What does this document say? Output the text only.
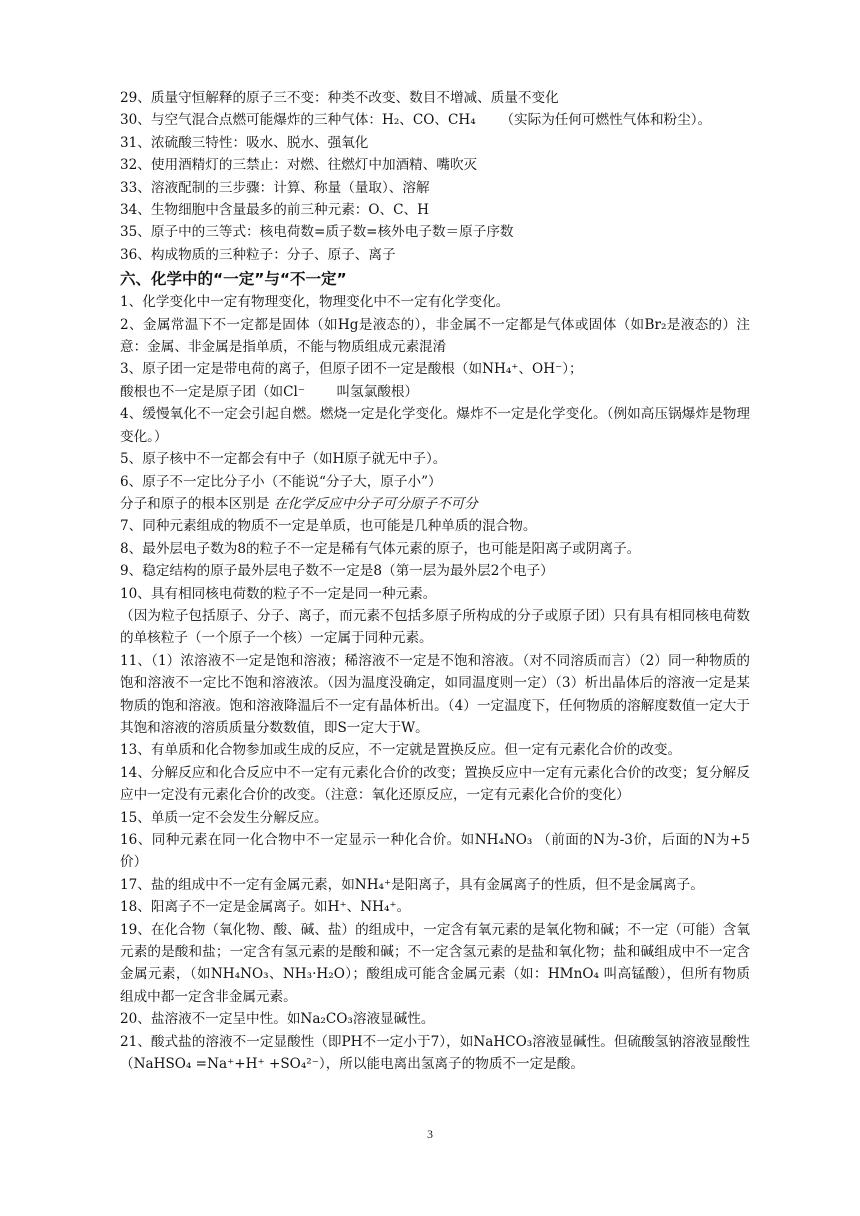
29、质量守恒解释的原子三不变：种类不改变、数目不增减、质量不变化
30、与空气混合点燃可能爆炸的三种气体：H₂、CO、CH₄ 　　（实际为任何可燃性气体和粉尘）。
31、浓硫酸三特性：吸水、脱水、强氧化
32、使用酒精灯的三禁止：对燃、往燃灯中加酒精、嘴吹灭
33、溶液配制的三步骤：计算、称量（量取）、溶解
34、生物细胞中含量最多的前三种元素：O、C、H
35、原子中的三等式：核电荷数=质子数=核外电子数＝原子序数
36、构成物质的三种粒子：分子、原子、离子
六、化学中的“一定”与“不一定”
1、化学变化中一定有物理变化，物理变化中不一定有化学变化。
2、金属常温下不一定都是固体（如Hg是液态的），非金属不一定都是气体或固体（如Br₂是液态的）注意：金属、非金属是指单质，不能与物质组成元素混淆
3、原子团一定是带电荷的离子，但原子团不一定是酸根（如NH₄⁺、OH⁻）；
酸根也不一定是原子团（如Cl⁻ 　　叫氢氯酸根）
4、缓慢氧化不一定会引起自燃。燃烧一定是化学变化。爆炸不一定是化学变化。（例如高压锅爆炸是物理变化。）
5、原子核中不一定都会有中子（如H原子就无中子）。
6、原子不一定比分子小（不能说“分子大，原子小”）
分子和原子的根本区别是 在化学反应中分子可分原子不可分
7、同种元素组成的物质不一定是单质，也可能是几种单质的混合物。
8、最外层电子数为8的粒子不一定是稀有气体元素的原子，也可能是阳离子或阴离子。
9、稳定结构的原子最外层电子数不一定是8（第一层为最外层2个电子）
10、具有相同核电荷数的粒子不一定是同一种元素。
（因为粒子包括原子、分子、离子，而元素不包括多原子所构成的分子或原子团）只有具有相同核电荷数的单核粒子（一个原子一个核）一定属于同种元素。
11、（1）浓溶液不一定是饱和溶液；稀溶液不一定是不饱和溶液。（对不同溶质而言）（2）同一种物质的饱和溶液不一定比不饱和溶液浓。（因为温度没确定，如同温度则一定）（3）析出晶体后的溶液一定是某物质的饱和溶液。饱和溶液降温后不一定有晶体析出。（4）一定温度下，任何物质的溶解度数值一定大于其饱和溶液的溶质质量分数数值，即S一定大于W。
13、有单质和化合物参加或生成的反应，不一定就是置换反应。但一定有元素化合价的改变。
14、分解反应和化合反应中不一定有元素化合价的改变；置换反应中一定有元素化合价的改变；复分解反应中一定没有元素化合价的改变。（注意：氧化还原反应，一定有元素化合价的变化）
15、单质一定不会发生分解反应。
16、同种元素在同一化合物中不一定显示一种化合价。如NH₄NO₃ （前面的N为-3价，后面的N为+5价）
17、盐的组成中不一定有金属元素，如NH₄⁺是阳离子，具有金属离子的性质，但不是金属离子。
18、阳离子不一定是金属离子。如H⁺、NH₄⁺。
19、在化合物（氧化物、酸、碱、盐）的组成中，一定含有氧元素的是氧化物和碱；不一定（可能）含氧元素的是酸和盐；一定含有氢元素的是酸和碱；不一定含氢元素的是盐和氧化物；盐和碱组成中不一定含金属元素，（如NH₄NO₃、NH₃·H₂O）；酸组成可能含金属元素（如：HMnO₄ 叫高锰酸），但所有物质组成中都一定含非金属元素。
20、盐溶液不一定呈中性。如Na₂CO₃溶液显碱性。
21、酸式盐的溶液不一定显酸性（即PH不一定小于7），如NaHCO₃溶液显碱性。但硫酸氢钠溶液显酸性（NaHSO₄ =Na⁺+H⁺ +SO₄²⁻），所以能电离出氢离子的物质不一定是酸。
3
